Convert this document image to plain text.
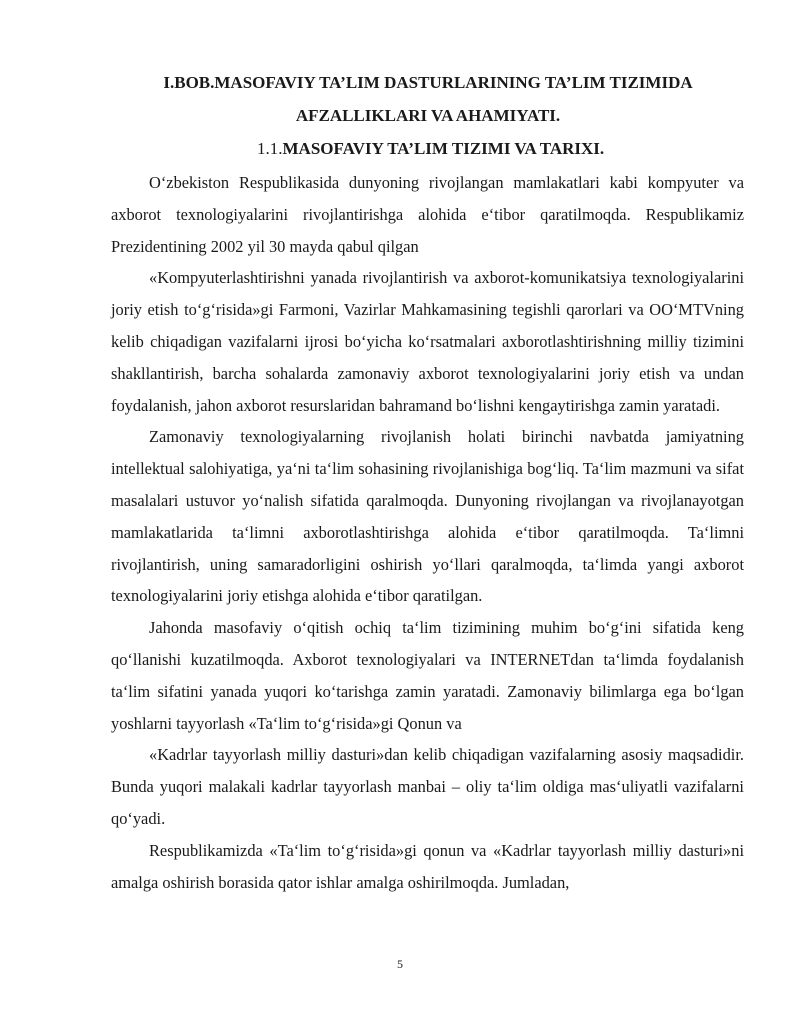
I.BOB.MASOFAVIY TA’LIM DASTURLARINING TA’LIM TIZIMIDA
AFZALLIKLARI VA AHAMIYATI.
1.1.MASOFAVIY TA’LIM TIZIMI VA TARIXI.

O‘zbekiston Respublikasida dunyoning rivojlangan mamlakatlari kabi kompyuter va axborot texnologiyalarini rivojlantirishga alohida e‘tibor qaratilmoqda. Respublikamiz Prezidentining 2002 yil 30 mayda qabul qilgan

«Kompyuterlashtirishni yanada rivojlantirish va axborot-komunikatsiya texnologiyalarini joriy etish to‘g‘risida»gi Farmoni, Vazirlar Mahkamasining tegishli qarorlari va OO‘MTVning kelib chiqadigan vazifalarni ijrosi bo‘yicha ko‘rsatmalari axborotlashtirishning milliy tizimini shakllantirish, barcha sohalarda zamonaviy axborot texnologiyalarini joriy etish va undan foydalanish, jahon axborot resurslaridan bahramand bo‘lishni kengaytirishga zamin yaratadi.

Zamonaviy texnologiyalarning rivojlanish holati birinchi navbatda jamiyatning intellektual salohiyatiga, ya‘ni ta‘lim sohasining rivojlanishiga bog‘liq. Ta‘lim mazmuni va sifat masalalari ustuvor yo‘nalish sifatida qaralmoqda. Dunyoning rivojlangan va rivojlanayotgan mamlakatlarida ta‘limni axborotlashtirishga alohida e‘tibor qaratilmoqda. Ta‘limni rivojlantirish, uning samaradorligini oshirish yo‘llari qaralmoqda, ta‘limda yangi axborot texnologiyalarini joriy etishga alohida e‘tibor qaratilgan.

Jahonda masofaviy o‘qitish ochiq ta‘lim tizimining muhim bo‘g‘ini sifatida keng qo‘llanishi kuzatilmoqda. Axborot texnologiyalari va INTERNETdan ta‘limda foydalanish ta‘lim sifatini yanada yuqori ko‘tarishga zamin yaratadi. Zamonaviy bilimlarga ega bo‘lgan yoshlarni tayyorlash «Ta‘lim to‘g‘risida»gi Qonun va

«Kadrlar tayyorlash milliy dasturi»dan kelib chiqadigan vazifalarning asosiy maqsadidir. Bunda yuqori malakali kadrlar tayyorlash manbai – oliy ta‘lim oldiga mas‘uliyatli vazifalarni qo‘yadi.

Respublikamizda «Ta‘lim to‘g‘risida»gi qonun va «Kadrlar tayyorlash milliy dasturi»ni amalga oshirish borasida qator ishlar amalga oshirilmoqda. Jumladan,

5
